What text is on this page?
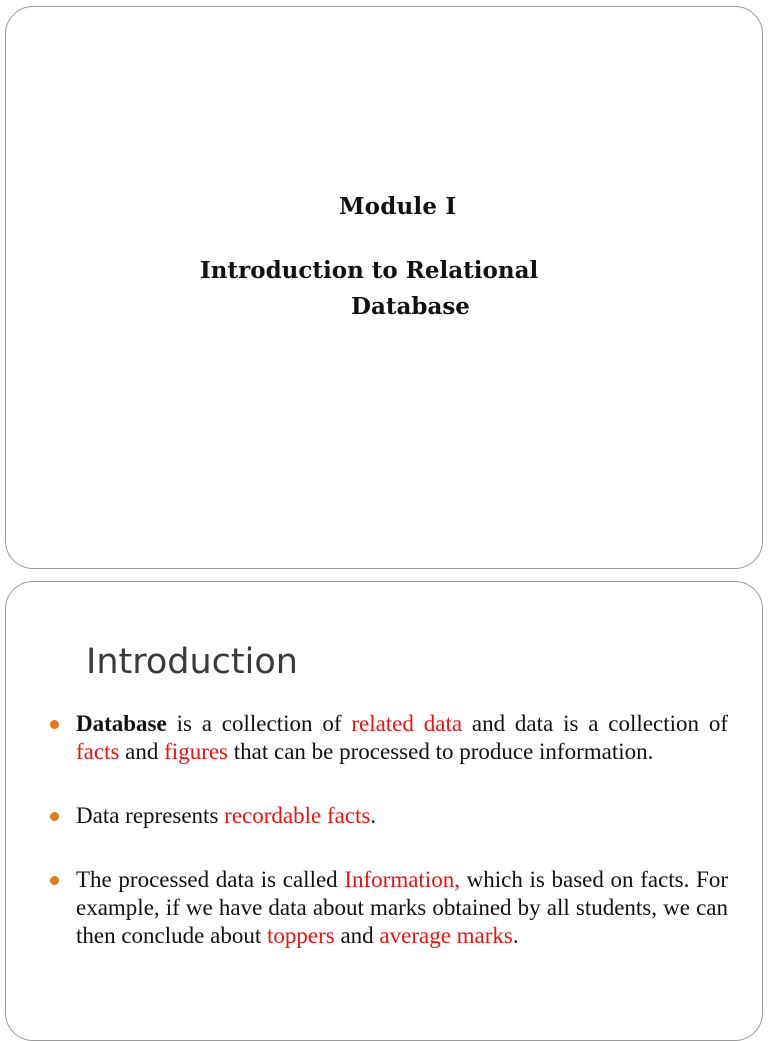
Module I
Introduction to Relational
Database
Introduction
Database is a collection of related data and data is a collection of facts and figures that can be processed to produce information.
Data represents recordable facts.
The processed data is called Information, which is based on facts. For example, if we have data about marks obtained by all students, we can then conclude about toppers and average marks.
